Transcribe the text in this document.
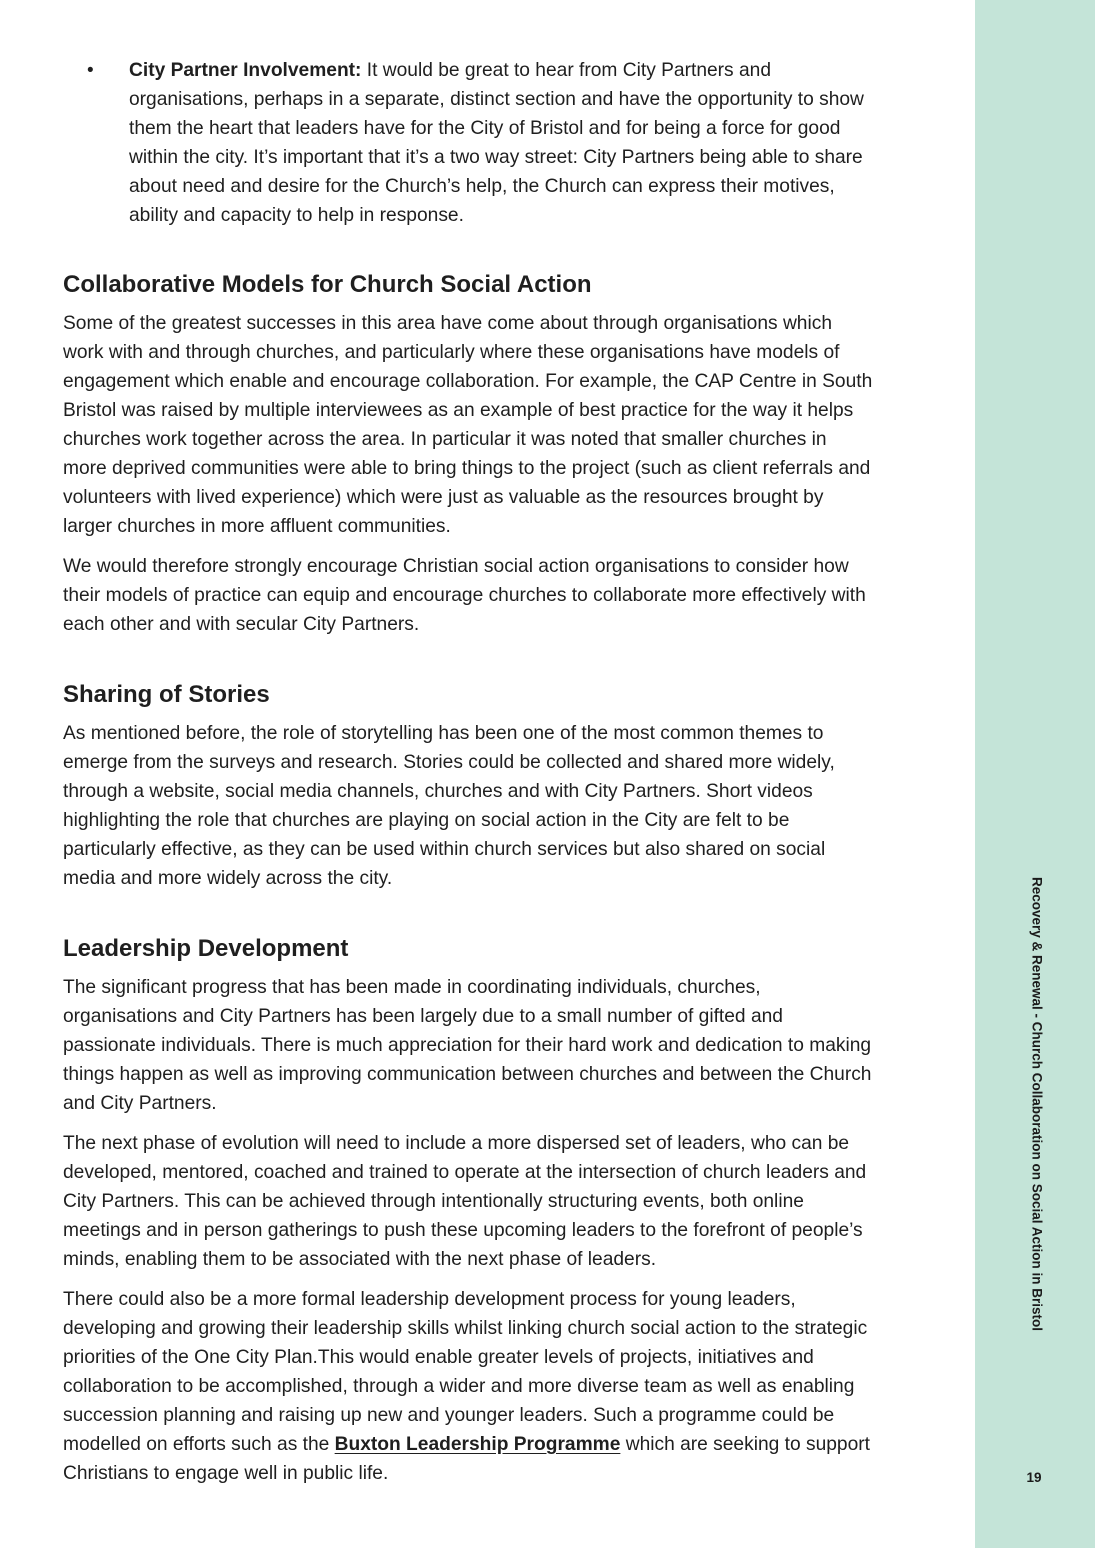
• City Partner Involvement: It would be great to hear from City Partners and organisations, perhaps in a separate, distinct section and have the opportunity to show them the heart that leaders have for the City of Bristol and for being a force for good within the city. It’s important that it’s a two way street: City Partners being able to share about need and desire for the Church’s help, the Church can express their motives, ability and capacity to help in response.
Collaborative Models for Church Social Action

Some of the greatest successes in this area have come about through organisations which work with and through churches, and particularly where these organisations have models of engagement which enable and encourage collaboration. For example, the CAP Centre in South Bristol was raised by multiple interviewees as an example of best practice for the way it helps churches work together across the area. In particular it was noted that smaller churches in more deprived communities were able to bring things to the project (such as client referrals and volunteers with lived experience) which were just as valuable as the resources brought by larger churches in more affluent communities.

We would therefore strongly encourage Christian social action organisations to consider how their models of practice can equip and encourage churches to collaborate more effectively with each other and with secular City Partners.

Sharing of Stories

As mentioned before, the role of storytelling has been one of the most common themes to emerge from the surveys and research. Stories could be collected and shared more widely, through a website, social media channels, churches and with City Partners. Short videos highlighting the role that churches are playing on social action in the City are felt to be particularly effective, as they can be used within church services but also shared on social media and more widely across the city.

Leadership Development

The significant progress that has been made in coordinating individuals, churches, organisations and City Partners has been largely due to a small number of gifted and passionate individuals. There is much appreciation for their hard work and dedication to making things happen as well as improving communication between churches and between the Church and City Partners.

The next phase of evolution will need to include a more dispersed set of leaders, who can be developed, mentored, coached and trained to operate at the intersection of church leaders and City Partners. This can be achieved through intentionally structuring events, both online meetings and in person gatherings to push these upcoming leaders to the forefront of people’s minds, enabling them to be associated with the next phase of leaders.

There could also be a more formal leadership development process for young leaders, developing and growing their leadership skills whilst linking church social action to the strategic priorities of the One City Plan.This would enable greater levels of projects, initiatives and collaboration to be accomplished, through a wider and more diverse team as well as enabling succession planning and raising up new and younger leaders. Such a programme could be modelled on efforts such as the Buxton Leadership Programme which are seeking to support Christians to engage well in public life.

Recovery & Renewal - Church Collaboration on Social Action in Bristol
19
